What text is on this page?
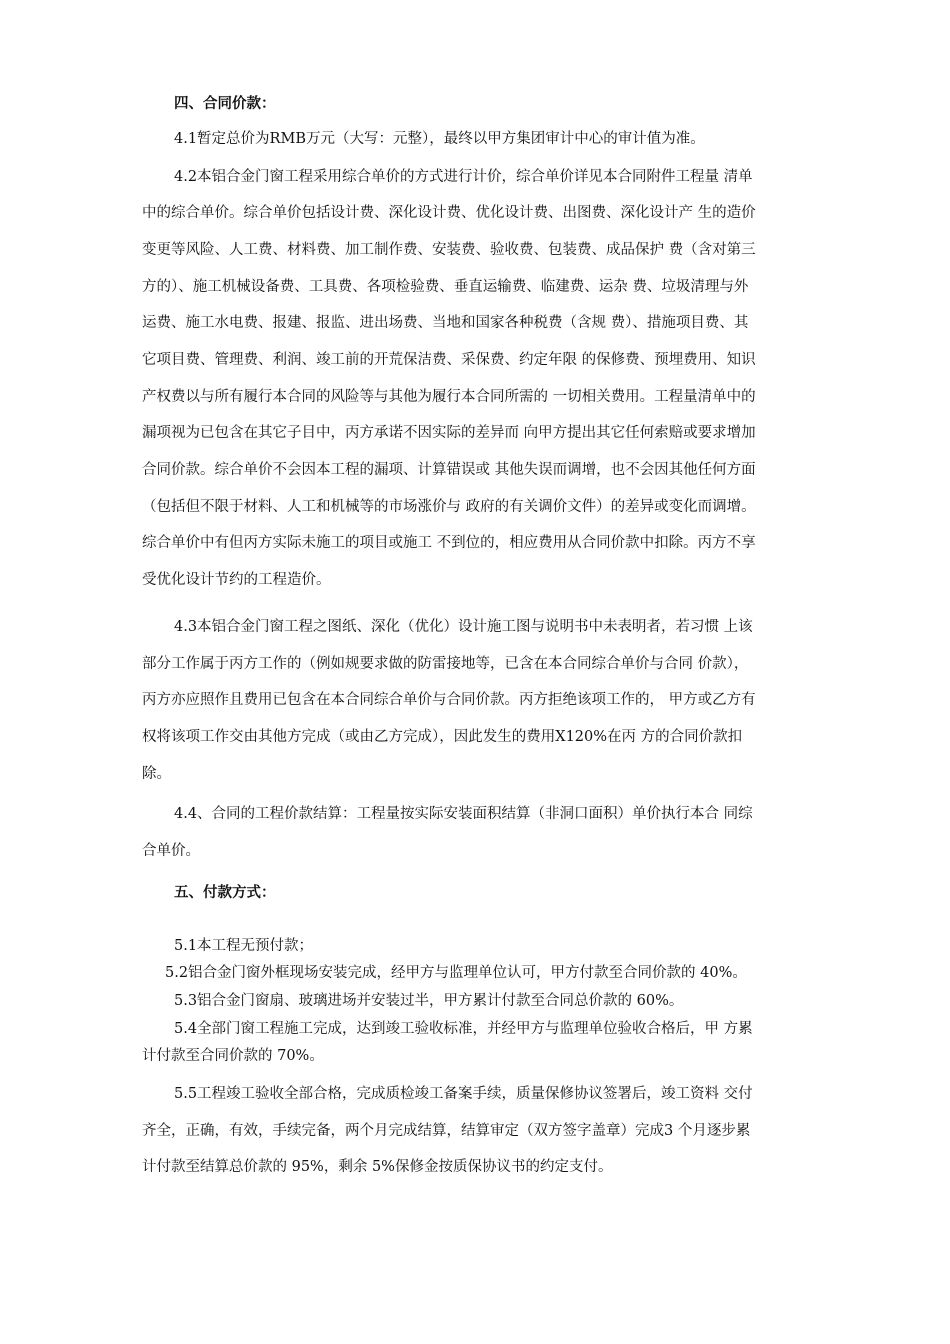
四、合同价款：
4.1暂定总价为RMB万元（大写：元整），最终以甲方集团审计中心的审计值为准。
4.2本铝合金门窗工程采用综合单价的方式进行计价，综合单价详见本合同附件工程量 清单
中的综合单价。综合单价包括设计费、深化设计费、优化设计费、出图费、深化设计产 生的造价
变更等风险、人工费、材料费、加工制作费、安装费、验收费、包装费、成品保护 费（含对第三
方的）、施工机械设备费、工具费、各项检验费、垂直运输费、临建费、运杂 费、垃圾清理与外
运费、施工水电费、报建、报监、进出场费、当地和国家各种税费（含规 费）、措施项目费、其
它项目费、管理费、利润、竣工前的开荒保洁费、采保费、约定年限 的保修费、预埋费用、知识
产权费以与所有履行本合同的风险等与其他为履行本合同所需的 一切相关费用。工程量清单中的
漏项视为已包含在其它子目中，丙方承诺不因实际的差异而 向甲方提出其它任何索赔或要求增加
合同价款。综合单价不会因本工程的漏项、计算错误或 其他失误而调增，也不会因其他任何方面
（包括但不限于材料、人工和机械等的市场涨价与 政府的有关调价文件）的差异或变化而调增。
综合单价中有但丙方实际未施工的项目或施工 不到位的，相应费用从合同价款中扣除。丙方不享
受优化设计节约的工程造价。
4.3本铝合金门窗工程之图纸、深化（优化）设计施工图与说明书中未表明者，若习惯 上该
部分工作属于丙方工作的（例如规要求做的防雷接地等，已含在本合同综合单价与合同 价款），
丙方亦应照作且费用已包含在本合同综合单价与合同价款。丙方拒绝该项工作的， 甲方或乙方有
权将该项工作交由其他方完成（或由乙方完成），因此发生的费用X120%在丙 方的合同价款扣
除。
4.4、合同的工程价款结算：工程量按实际安装面积结算（非洞口面积）单价执行本合 同综
合单价。
五、付款方式：
5.1本工程无预付款；
5.2铝合金门窗外框现场安装完成，经甲方与监理单位认可，甲方付款至合同价款的 40%。
5.3铝合金门窗扇、玻璃进场并安装过半，甲方累计付款至合同总价款的 60%。
5.4全部门窗工程施工完成，达到竣工验收标准，并经甲方与监理单位验收合格后，甲 方累
计付款至合同价款的 70%。
5.5工程竣工验收全部合格，完成质检竣工备案手续，质量保修协议签署后，竣工资料 交付
齐全，正确，有效，手续完备，两个月完成结算，结算审定（双方签字盖章）完成3 个月逐步累
计付款至结算总价款的 95%，剩余 5%保修金按质保协议书的约定支付。
